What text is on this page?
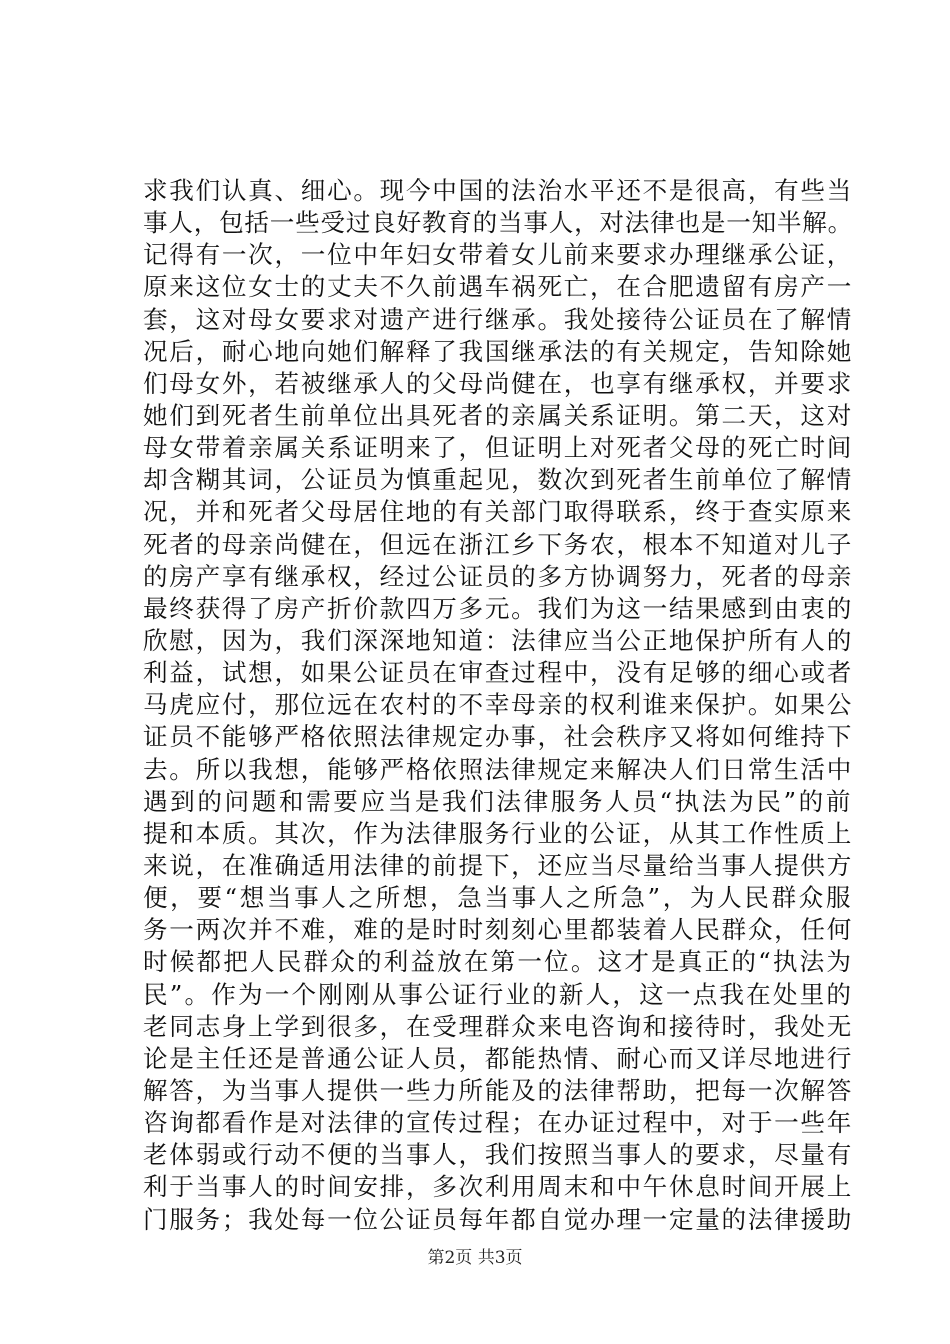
求我们认真、细心。现今中国的法治水平还不是很高，有些当
事人，包括一些受过良好教育的当事人，对法律也是一知半解。
记得有一次，一位中年妇女带着女儿前来要求办理继承公证，
原来这位女士的丈夫不久前遇车祸死亡，在合肥遗留有房产一
套，这对母女要求对遗产进行继承。我处接待公证员在了解情
况后，耐心地向她们解释了我国继承法的有关规定，告知除她
们母女外，若被继承人的父母尚健在，也享有继承权，并要求
她们到死者生前单位出具死者的亲属关系证明。第二天，这对
母女带着亲属关系证明来了，但证明上对死者父母的死亡时间
却含糊其词，公证员为慎重起见，数次到死者生前单位了解情
况，并和死者父母居住地的有关部门取得联系，终于查实原来
死者的母亲尚健在，但远在浙江乡下务农，根本不知道对儿子
的房产享有继承权，经过公证员的多方协调努力，死者的母亲
最终获得了房产折价款四万多元。我们为这一结果感到由衷的
欣慰，因为，我们深深地知道：法律应当公正地保护所有人的
利益，试想，如果公证员在审查过程中，没有足够的细心或者
马虎应付，那位远在农村的不幸母亲的权利谁来保护。如果公
证员不能够严格依照法律规定办事，社会秩序又将如何维持下
去。所以我想，能够严格依照法律规定来解决人们日常生活中
遇到的问题和需要应当是我们法律服务人员“执法为民”的前
提和本质。其次，作为法律服务行业的公证，从其工作性质上
来说，在准确适用法律的前提下，还应当尽量给当事人提供方
便，要“想当事人之所想，急当事人之所急”，为人民群众服
务一两次并不难，难的是时时刻刻心里都装着人民群众，任何
时候都把人民群众的利益放在第一位。这才是真正的“执法为
民”。作为一个刚刚从事公证行业的新人，这一点我在处里的
老同志身上学到很多，在受理群众来电咨询和接待时，我处无
论是主任还是普通公证人员，都能热情、耐心而又详尽地进行
解答，为当事人提供一些力所能及的法律帮助，把每一次解答
咨询都看作是对法律的宣传过程；在办证过程中，对于一些年
老体弱或行动不便的当事人，我们按照当事人的要求，尽量有
利于当事人的时间安排，多次利用周末和中午休息时间开展上
门服务；我处每一位公证员每年都自觉办理一定量的法律援助
第2页 共3页
